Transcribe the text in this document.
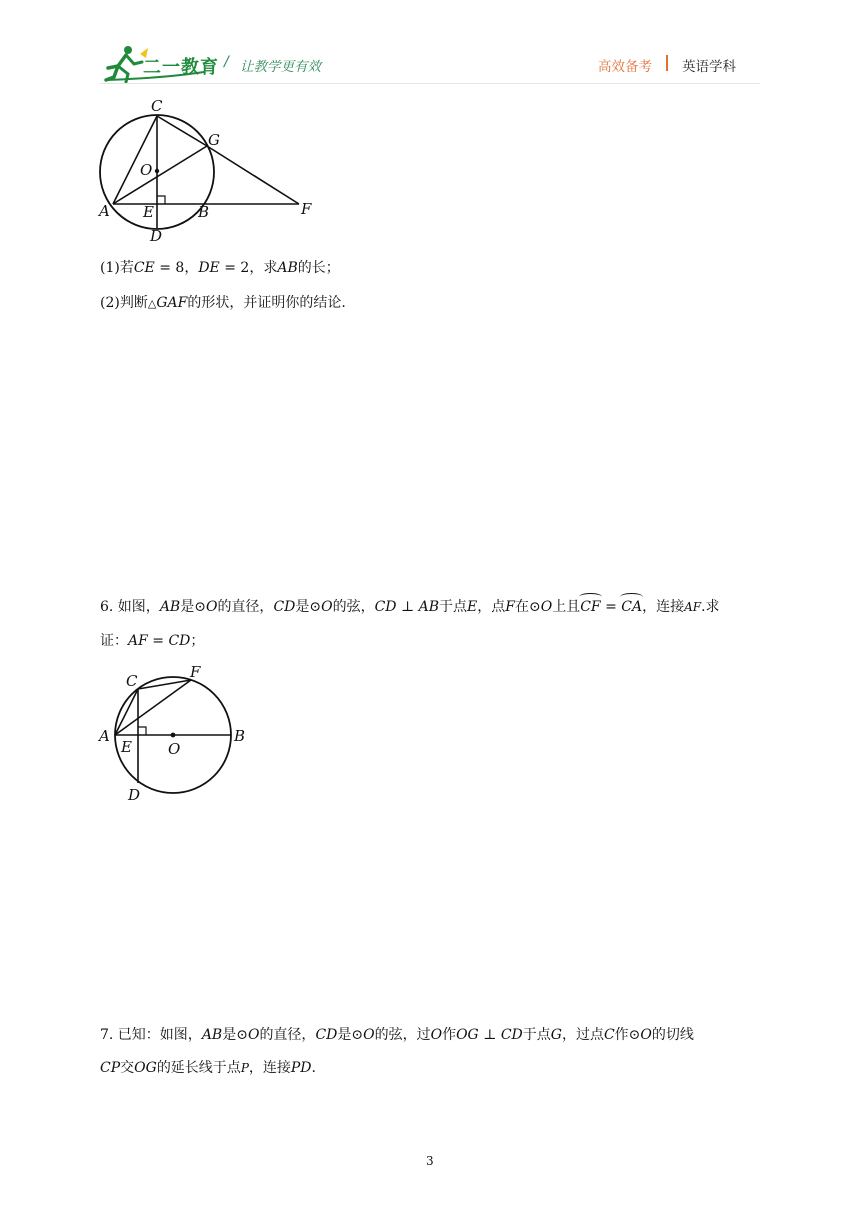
二一教育 / 让教学更有效	高效备考 英语学科
C
G
O
A E	B	F
D
(1)若CE = 8，DE = 2，求AB的长；
(2)判断△GAF的形状，并证明你的结论.
6. 如图，AB是⊙O的直径，CD是⊙O的弦，CD ⊥ AB于点E，点F在⊙O上且CF = CA，连接AF.求
证：AF = CD；
C	F
A
E O
B
D
7. 已知：如图，AB是⊙O的直径，CD是⊙O的弦，过O作OG ⊥ CD于点G，过点C作⊙O的切线
CP交OG的延长线于点P，连接PD.
3
